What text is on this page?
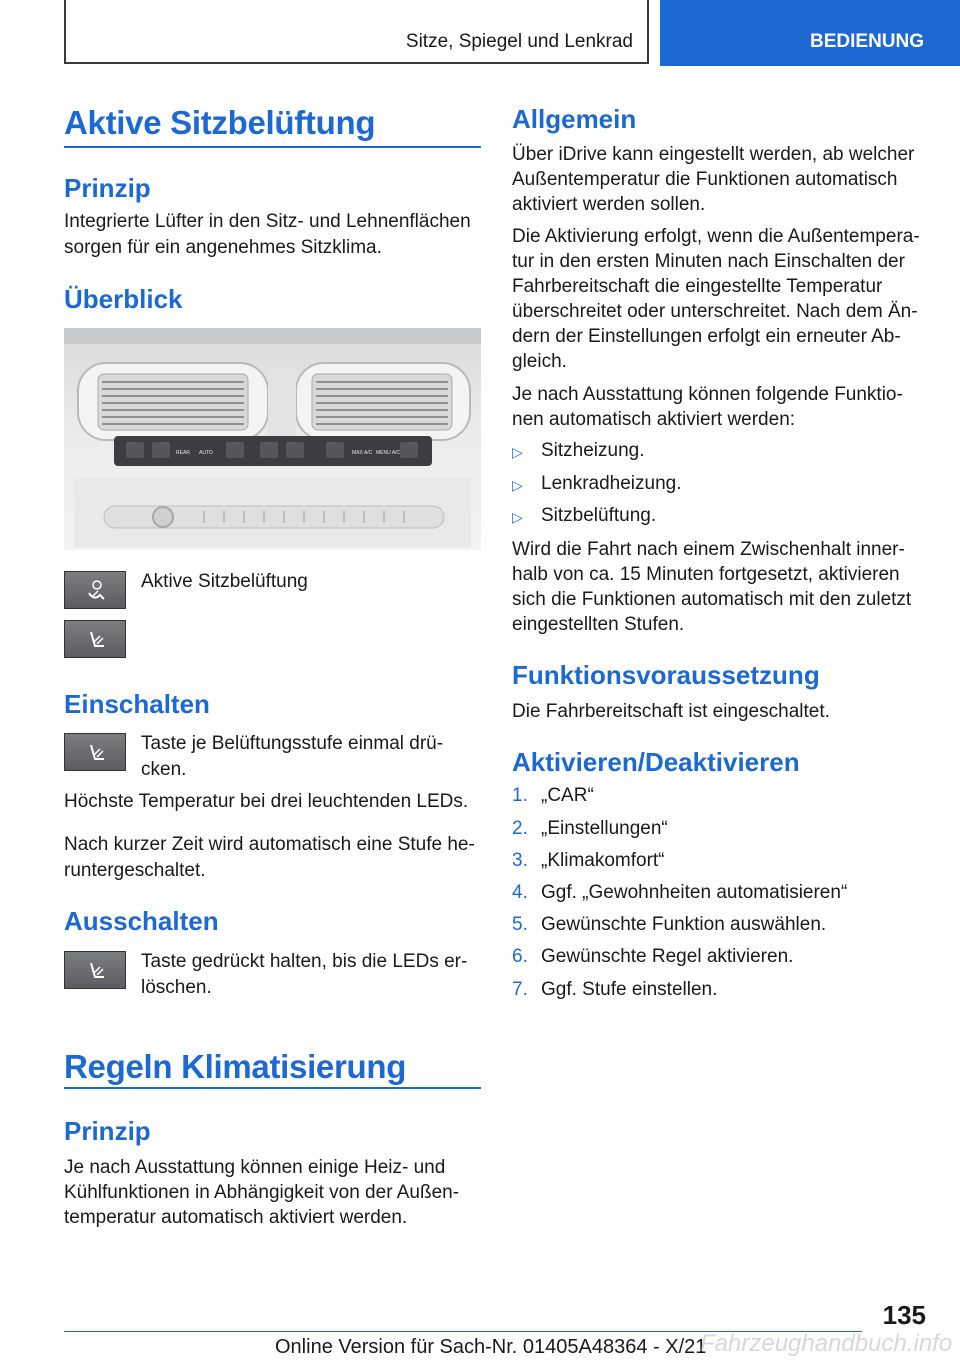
Sitze, Spiegel und Lenkrad	BEDIENUNG
Aktive Sitzbelüftung
Prinzip

Integrierte Lüfter in den Sitz- und Lehnenflächen

sorgen für ein angenehmes Sitzklima.

Überblick
REAR AUTO	MAX A/C MENU A/C

Aktive Sitzbelüftung

Einschalten

Taste je Belüftungsstufe einmal drü-

cken.

Höchste Temperatur bei drei leuchtenden LEDs.

Nach kurzer Zeit wird automatisch eine Stufe he-

runtergeschaltet.

Ausschalten

Taste gedrückt halten, bis die LEDs er-

löschen.

Regeln Klimatisierung
Prinzip

Je nach Ausstattung können einige Heiz- und

Kühlfunktionen in Abhängigkeit von der Außen-

temperatur automatisch aktiviert werden.

Allgemein

Über iDrive kann eingestellt werden, ab welcher

Außentemperatur die Funktionen automatisch

aktiviert werden sollen.

Die Aktivierung erfolgt, wenn die Außentempera-

tur in den ersten Minuten nach Einschalten der

Fahrbereitschaft die eingestellte Temperatur

überschreitet oder unterschreitet. Nach dem Än-

dern der Einstellungen erfolgt ein erneuter Ab-

gleich.

Je nach Ausstattung können folgende Funktio-

nen automatisch aktiviert werden:

▷ Sitzheizung.
▷ Lenkradheizung.
▷ Sitzbelüftung.

Wird die Fahrt nach einem Zwischenhalt inner-

halb von ca. 15 Minuten fortgesetzt, aktivieren

sich die Funktionen automatisch mit den zuletzt

eingestellten Stufen.

Funktionsvoraussetzung

Die Fahrbereitschaft ist eingeschaltet.

Aktivieren/Deaktivieren
1. „CAR“
2. „Einstellungen“
3. „Klimakomfort“
4. Ggf. „Gewohnheiten automatisieren“
5. Gewünschte Funktion auswählen.
6. Gewünschte Regel aktivieren.
7. Ggf. Stufe einstellen.
135
Online Version für Sach-Nr. 01405A48364 - X/21
Fahrzeughandbuch.info
